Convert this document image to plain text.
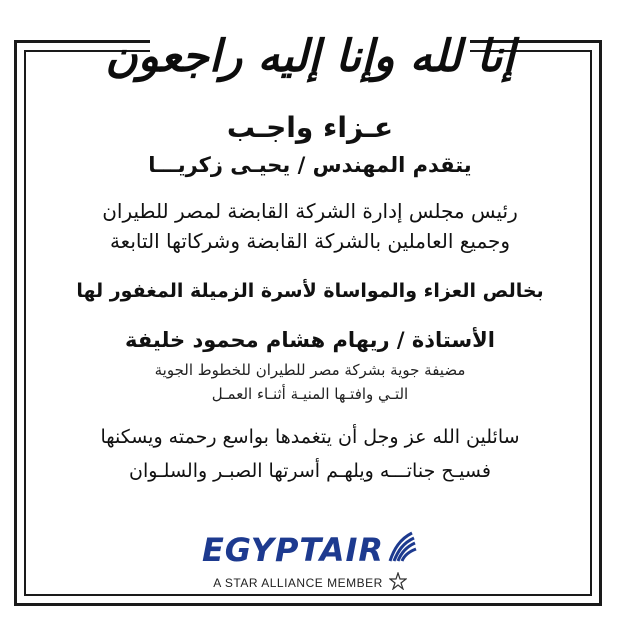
إنا لله وإنا إليه راجعون
عـزاء واجـب
يتقدم المهندس / يحيـى زكريـــا
رئيس مجلس إدارة الشركة القابضة لمصر للطيران
وجميع العاملين بالشركة القابضة وشركاتها التابعة
بخالص العزاء والمواساة لأسرة الزميلة المغفور لها
الأستاذة / ريهام هشام محمود خليفة
مضيفة جوية بشركة مصر للطيران للخطوط الجوية
التـي وافتـها المنيـة أثنـاء العمـل
سائلين الله عز وجل أن يتغمدها بواسع رحمته ويسكنها
فسيـح جناتـــه ويلهـم أسرتها الصبـر والسلـوان
EGYPTAIR
A STAR ALLIANCE MEMBER
